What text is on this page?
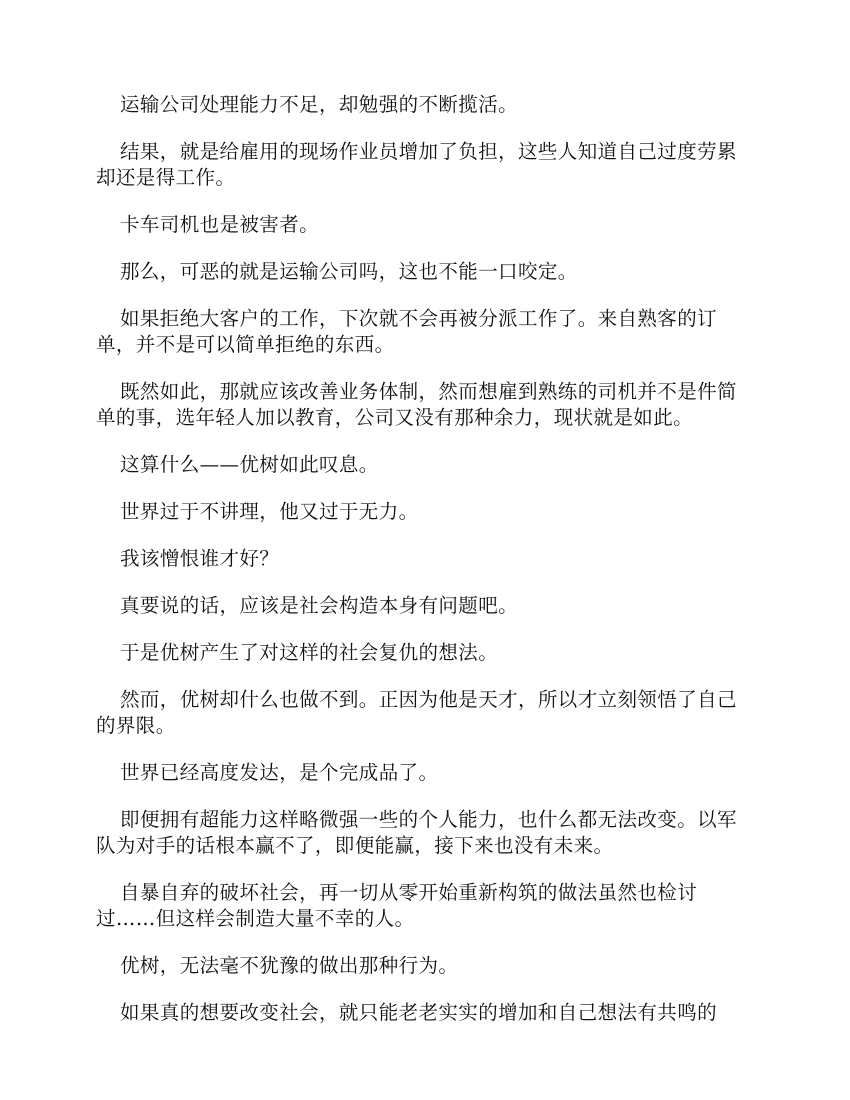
运输公司处理能力不足，却勉强的不断揽活。

结果，就是给雇用的现场作业员增加了负担，这些人知道自己过度劳累却还是得工作。

卡车司机也是被害者。

那么，可恶的就是运输公司吗，这也不能一口咬定。

如果拒绝大客户的工作，下次就不会再被分派工作了。来自熟客的订单，并不是可以简单拒绝的东西。

既然如此，那就应该改善业务体制，然而想雇到熟练的司机并不是件简单的事，选年轻人加以教育，公司又没有那种余力，现状就是如此。

这算什么——优树如此叹息。

世界过于不讲理，他又过于无力。

我该憎恨谁才好？

真要说的话，应该是社会构造本身有问题吧。

于是优树产生了对这样的社会复仇的想法。

然而，优树却什么也做不到。正因为他是天才，所以才立刻领悟了自己的界限。

世界已经高度发达，是个完成品了。

即便拥有超能力这样略微强一些的个人能力，也什么都无法改变。以军队为对手的话根本赢不了，即便能赢，接下来也没有未来。

自暴自弃的破坏社会，再一切从零开始重新构筑的做法虽然也检讨过……但这样会制造大量不幸的人。

优树，无法毫不犹豫的做出那种行为。

如果真的想要改变社会，就只能老老实实的增加和自己想法有共鸣的
